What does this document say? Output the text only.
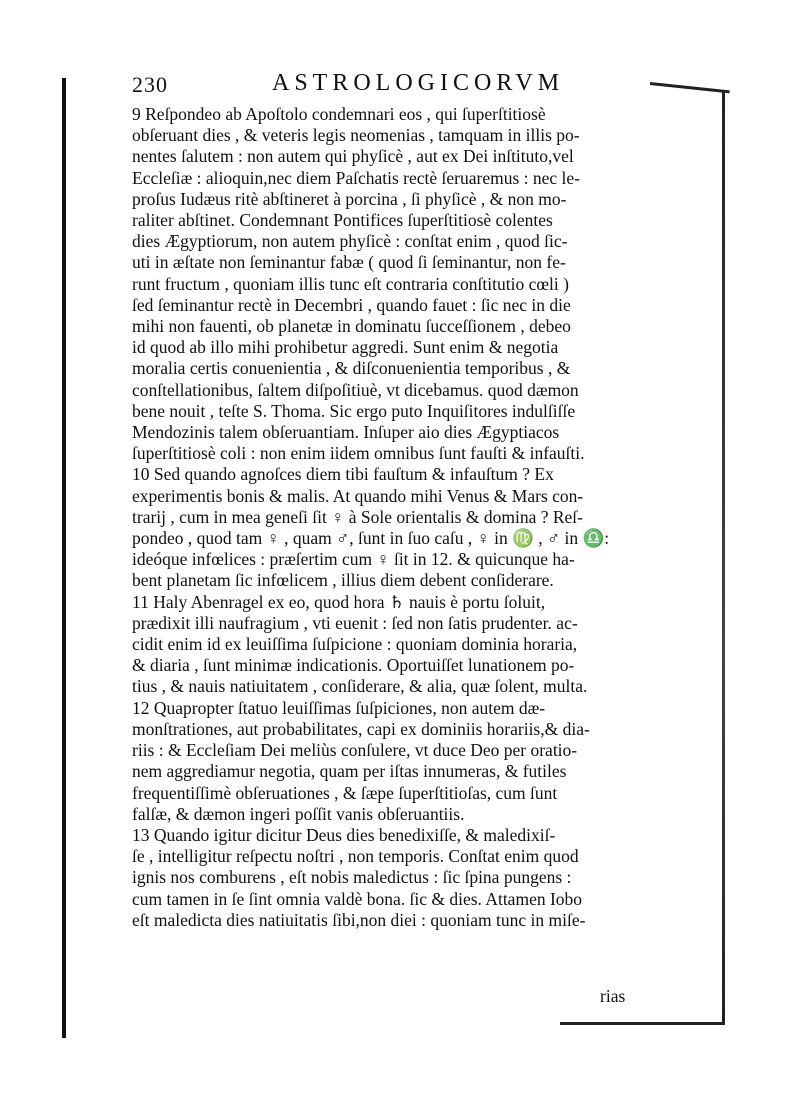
230	ASTROLOGICORVM
9 Reſpondeo ab Apoſtolo condemnari eos , qui ſuperſtitiosè
obſeruant dies , & veteris legis neomenias , tamquam in illis po-
nentes ſalutem : non autem qui phyſicè , aut ex Dei inſtituto,vel
Eccleſiæ : alioquin,nec diem Paſchatis rectè ſeruaremus : nec le-
proſus Iudæus ritè abſtineret à porcina , ſi phyſicè , & non mo-
raliter abſtinet. Condemnant Pontifices ſuperſtitiosè colentes
dies Ægyptiorum, non autem phyſicè : conſtat enim , quod ſic-
uti in æſtate non ſeminantur fabæ ( quod ſi ſeminantur, non fe-
runt fructum , quoniam illis tunc eſt contraria conſtitutio cœli )
ſed ſeminantur rectè in Decembri , quando fauet : ſic nec in die
mihi non fauenti, ob planetæ in dominatu ſucceſſionem , debeo
id quod ab illo mihi prohibetur aggredi. Sunt enim & negotia
moralia certis conuenientia , & diſconuenientia temporibus , &
conſtellationibus, ſaltem diſpoſitiuè, vt dicebamus. quod dæmon
bene nouit , teſte S. Thoma. Sic ergo puto Inquiſitores indulſiſſe
Mendozinis talem obſeruantiam. Inſuper aio dies Ægyptiacos
ſuperſtitiosè coli : non enim iidem omnibus ſunt fauſti & infauſti.
10 Sed quando agnoſces diem tibi fauſtum & infauſtum ? Ex
experimentis bonis & malis. At quando mihi Venus & Mars con-
trarij , cum in mea geneſi ſit ♀ à Sole orientalis & domina ? Reſ-
pondeo , quod tam ♀ , quam ♂, ſunt in ſuo caſu , ♀ in ♍ , ♂ in ♎:
ideóque infœlices : præſertim cum ♀ ſit in 12. & quicunque ha-
bent planetam ſic infœlicem , illius diem debent conſiderare.
11 Haly Abenragel ex eo, quod hora ♄ nauis è portu ſoluit,
prædixit illi naufragium , vti euenit : ſed non ſatis prudenter. ac-
cidit enim id ex leuiſſima ſuſpicione : quoniam dominia horaria,
& diaria , ſunt minimæ indicationis. Oportuiſſet lunationem po-
tius , & nauis natiuitatem , conſiderare, & alia, quæ ſolent, multa.
12 Quapropter ſtatuo leuiſſimas ſuſpiciones, non autem dæ-
monſtrationes, aut probabilitates, capi ex dominiis horariis,& dia-
riis : & Eccleſiam Dei meliùs conſulere, vt duce Deo per oratio-
nem aggrediamur negotia, quam per iſtas innumeras, & futiles
frequentiſſimè obſeruationes , & ſæpe ſuperſtitioſas, cum ſunt
falſæ, & dæmon ingeri poſſit vanis obſeruantiis.
13 Quando igitur dicitur Deus dies benedixiſſe, & maledixiſ-
ſe , intelligitur reſpectu noſtri , non temporis. Conſtat enim quod
ignis nos comburens , eſt nobis maledictus : ſic ſpina pungens :
cum tamen in ſe ſint omnia valdè bona. ſic & dies. Attamen Iobo
eſt maledicta dies natiuitatis ſibi,non diei : quoniam tunc in miſe-
rias
